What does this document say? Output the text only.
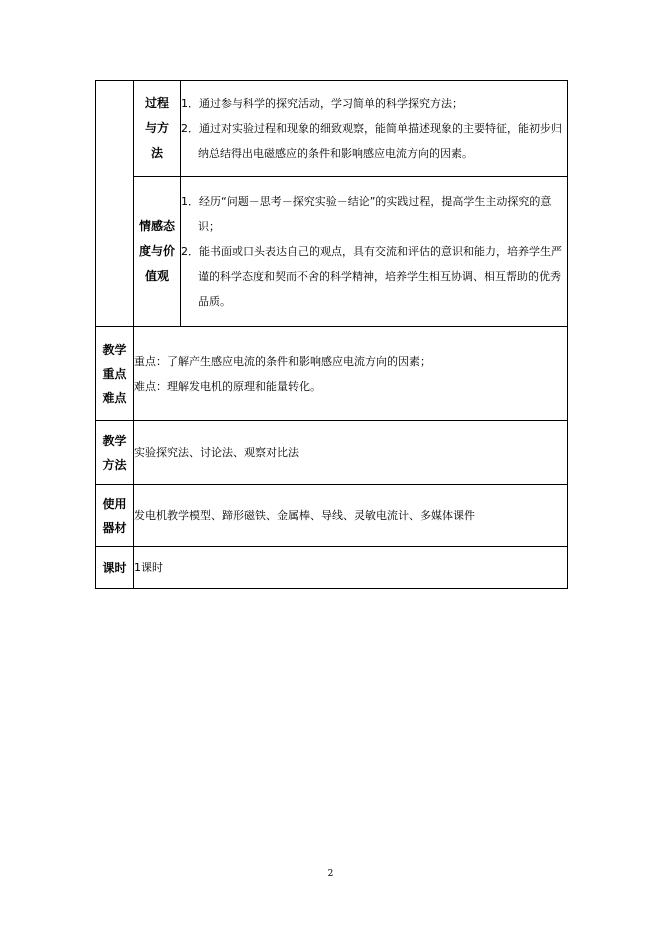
	过程与方法	1．通过参与科学的探究活动，学习简单的科学探究方法；
2．通过对实验过程和现象的细致观察，能简单描述现象的主要特征，能初步归纳总结得出电磁感应的条件和影响感应电流方向的因素。

	情感态度与价值观	1．经历“问题－思考－探究实验－结论”的实践过程，提高学生主动探究的意识；
2．能书面或口头表达自己的观点，具有交流和评估的意识和能力，培养学生严谨的科学态度和契而不舍的科学精神，培养学生相互协调、相互帮助的优秀品质。

教学重点难点	重点：了解产生感应电流的条件和影响感应电流方向的因素；
难点：理解发电机的原理和能量转化。	

教学方法	实验探究法、讨论法、观察对比法	
使用器材	发电机教学模型、蹄形磁铁、金属棒、导线、灵敏电流计、多媒体课件	
课时	1课时	
2
